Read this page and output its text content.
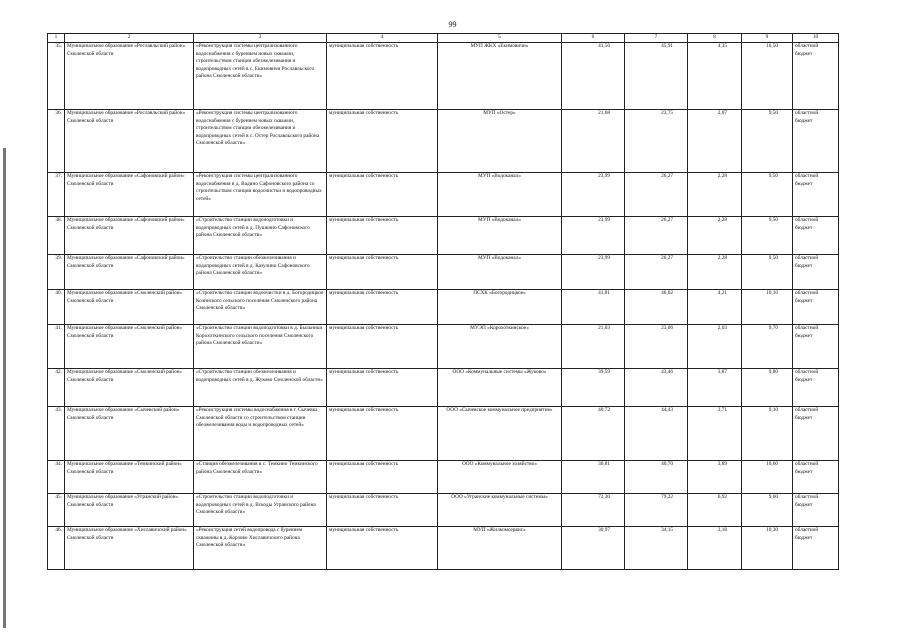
99
1	2	3	4	5	6	7	8	9	10
35.	Муниципальное образование «Рославльский район» Смоленской области	«Реконструкция системы централизованного водоснабжения с бурением новых скважин, строительством станции обезжелезивания и водопроводных сетей в с. Екимовичи Рославльского района Смоленской области»	муниципальная собственность	МУП ЖКХ «Екимовичи»	41,56	45,91	4,35	10,50	областной бюджет
36.	Муниципальное образование «Рославльский район» Смоленской области	«Реконструкция системы централизованного водоснабжения с бурением новых скважин, строительством станции обезжелезивания и водопроводных сетей в с. Остер Рославльского района Смоленской области»	муниципальная собственность	МУП «Остер»	21,68	23,75	2,07	9,50	областной бюджет
37.	Муниципальное образование «Сафоновский район» Смоленской области	«Реконструкция системы централизованного водоснабжения в д. Вадино Сафоновского района со строительством станции водоочистки и водопроводных сетей»	муниципальная собственность	МУП «Водоканал»	23,99	26,27	2,28	9,50	областной бюджет
38.	Муниципальное образование «Сафоновский район» Смоленской области	«Строительство станции водоподготовки и водопроводных сетей в д. Пушкино Сафоновского района Смоленской области»	муниципальная собственность	МУП «Водоканал»	23,99	26,27	2,28	9,50	областной бюджет
39.	Муниципальное образование «Сафоновский район» Смоленской области	«Строительство станции обезжелезивания и водопроводных сетей в д. Казулино Сафоновского района Смоленской области»	муниципальная собственность	МУП «Водоканал»	23,99	26,27	2,28	9,50	областной бюджет
40.	Муниципальное образование «Смоленский район» Смоленской области	«Строительство станции водоочистки в д. Богородицкое Козинского сельского поселения Смоленского района Смоленской области»	муниципальная собственность	ПСХК «Богородицкое»	41,81	46,02	4,21	10,10	областной бюджет
41.	Муниципальное образование «Смоленский район» Смоленской области	«Строительство станции водоподготовки в д. Быльники Корохоткинского сельского поселения Смоленского района Смоленской области»	муниципальная собственность	МУЭП «Корохоткинское»	21,03	23,06	2,03	9,70	областной бюджет
42.	Муниципальное образование «Смоленский район» Смоленской области	«Строительство станции обезжелезивания и водопроводных сетей в д. Жуково Смоленской области»	муниципальная собственность	ООО «Коммунальные системы «Жуково»	39,59	43,46	3,87	9,80	областной бюджет
43.	Муниципальное образование «Сычевский район» Смоленской области	«Реконструкция системы водоснабжения в г. Сычевка Смоленской области со строительством станции обезжелезивания воды и водопроводных сетей»	муниципальная собственность	ООО «Сычевское коммунальное предприятие»	40,72	44,43	3,71	9,10	областной бюджет
44.	Муниципальное образование «Темкинский район» Смоленской области	«Станция обезжелезивания в с. Темкино Темкинского района Смоленской области»	муниципальная собственность	ООО «Коммунальное хозяйство»	36,81	40,70	3,89	10,60	областной бюджет
45.	Муниципальное образование «Угранский район» Смоленской области	«Строительство станции водоподготовки и водопроводных сетей в д. Вскоды Угранского района Смоленской области»	муниципальная собственность	ООО «Угранские коммунальные системы»	72,30	79,22	6,92	9,60	областной бюджет
46.	Муниципальное образование «Хиславичский район» Смоленской области	«Реконструкция сетей водопровода с бурением скважины в д. Корзово Хиславичского района Смоленской области»	муниципальная собственность	МУП «Жилкомсервис»	30,97	34,15	3,18	10,30	областной бюджет
